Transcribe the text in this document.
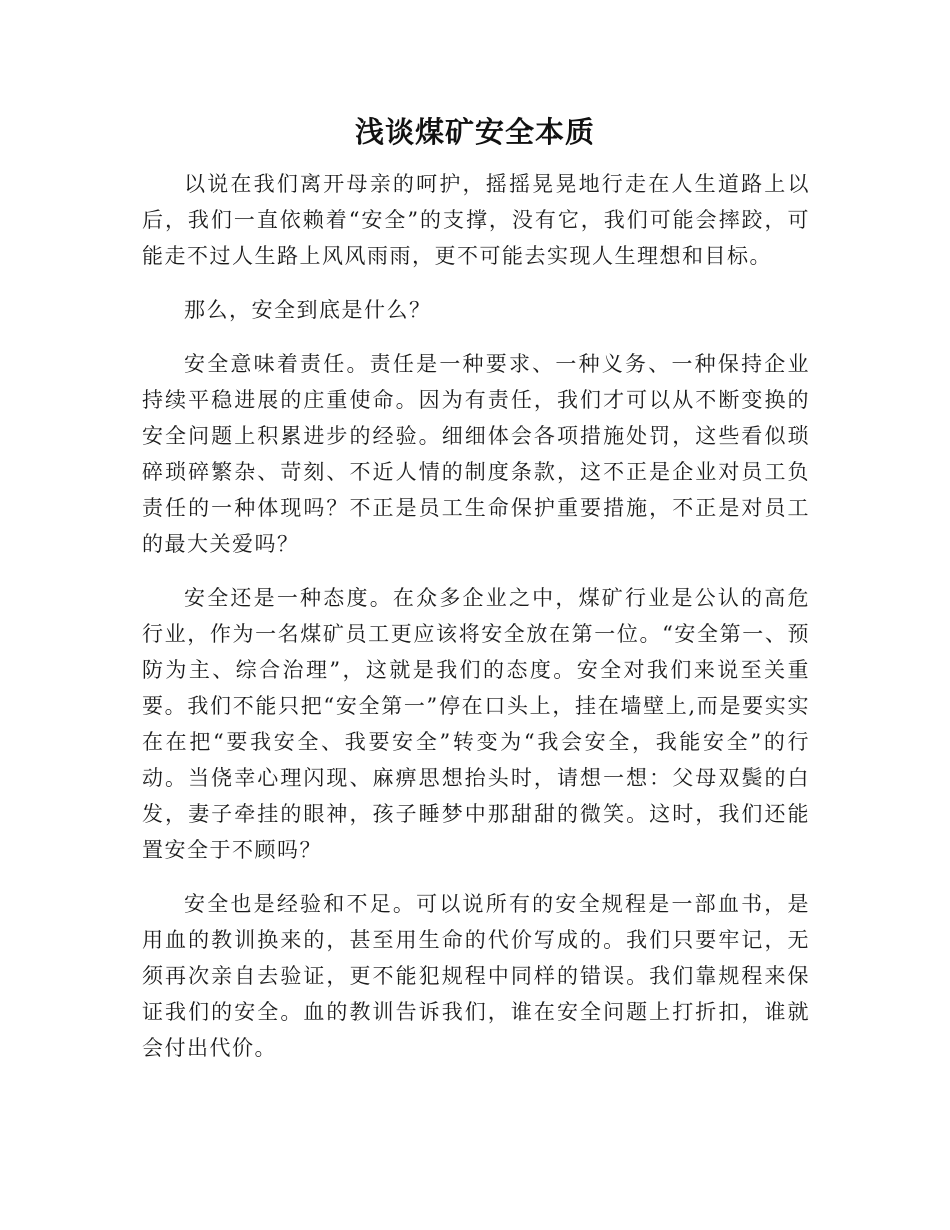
浅谈煤矿安全本质

以说在我们离开母亲的呵护，摇摇晃晃地行走在人生道路上以后，我们一直依赖着“安全”的支撑，没有它，我们可能会摔跤，可能走不过人生路上风风雨雨，更不可能去实现人生理想和目标。

那么，安全到底是什么？

安全意味着责任。责任是一种要求、一种义务、一种保持企业持续平稳进展的庄重使命。因为有责任，我们才可以从不断变换的安全问题上积累进步的经验。细细体会各项措施处罚，这些看似琐碎琐碎繁杂、苛刻、不近人情的制度条款，这不正是企业对员工负责任的一种体现吗？不正是员工生命保护重要措施，不正是对员工的最大关爱吗？

安全还是一种态度。在众多企业之中，煤矿行业是公认的高危行业，作为一名煤矿员工更应该将安全放在第一位。“安全第一、预防为主、综合治理”，这就是我们的态度。安全对我们来说至关重要。我们不能只把“安全第一”停在口头上，挂在墙壁上,而是要实实在在把“要我安全、我要安全”转变为“我会安全，我能安全”的行动。当侥幸心理闪现、麻痹思想抬头时，请想一想：父母双鬓的白发，妻子牵挂的眼神，孩子睡梦中那甜甜的微笑。这时，我们还能置安全于不顾吗？

安全也是经验和不足。可以说所有的安全规程是一部血书，是用血的教训换来的，甚至用生命的代价写成的。我们只要牢记，无须再次亲自去验证，更不能犯规程中同样的错误。我们靠规程来保证我们的安全。血的教训告诉我们，谁在安全问题上打折扣，谁就会付出代价。
